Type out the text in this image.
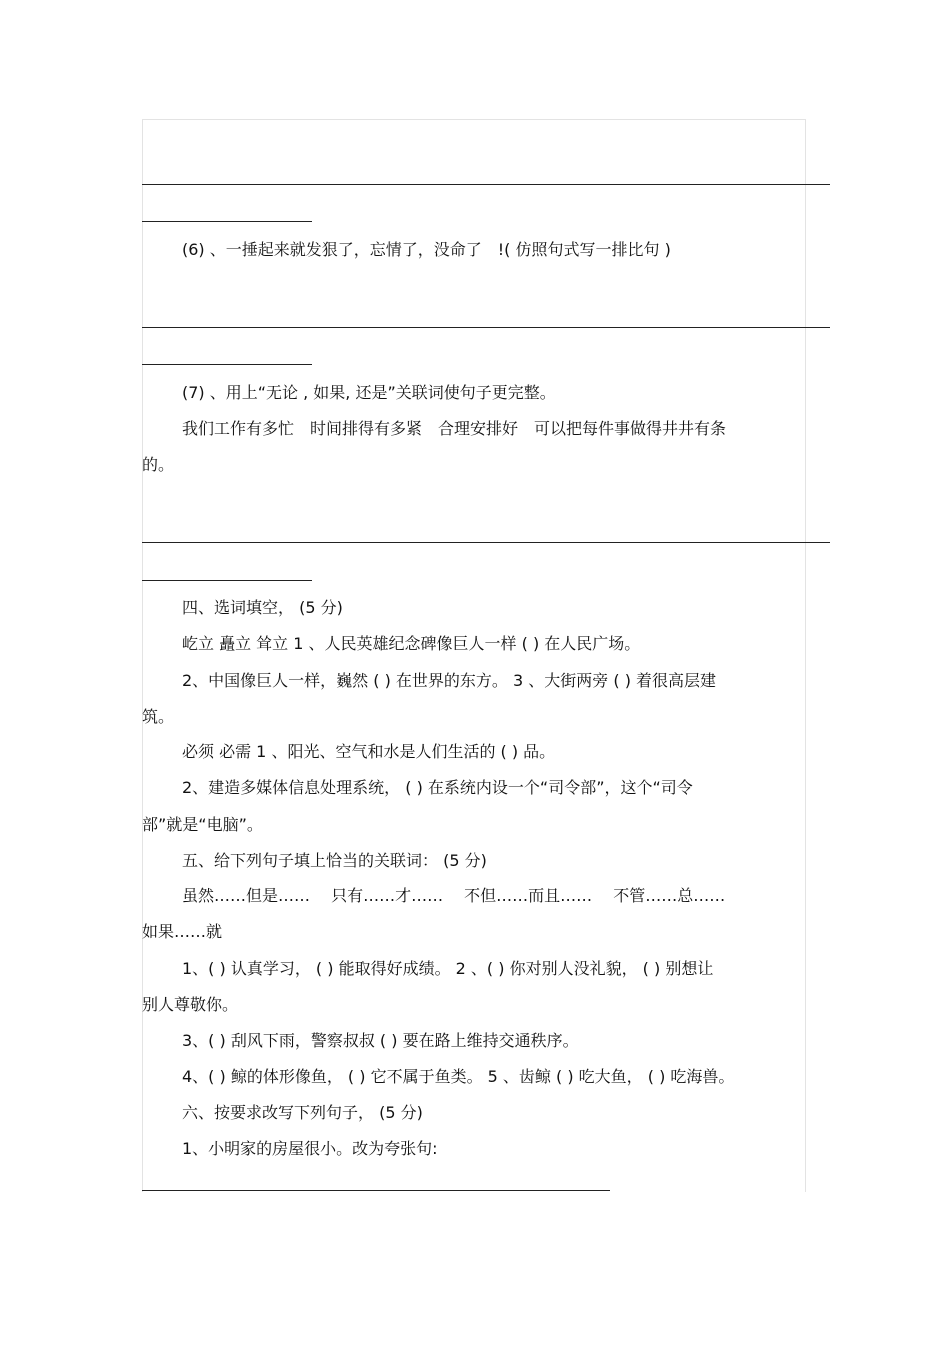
(6) 、一捶起来就发狠了，忘情了，没命了　!( 仿照句式写一排比句 )
(7) 、用上“无论 , 如果, 还是”关联词使句子更完整。
我们工作有多忙　时间排得有多紧　合理安排好　可以把每件事做得井井有条
的。
四、选词填空， (5 分)
屹立 矗立 耸立 1 、人民英雄纪念碑像巨人一样 ( ) 在人民广场。
2、中国像巨人一样，巍然 ( ) 在世界的东方。 3 、大街两旁 ( ) 着很高层建
筑。
必须 必需 1 、阳光、空气和水是人们生活的 ( ) 品。
2、建造多媒体信息处理系统， ( ) 在系统内设一个“司令部”，这个“司令
部”就是“电脑”。
五、给下列句子填上恰当的关联词： (5 分)
虽然……但是……　 只有……才……　 不但……而且……　 不管……总……
如果……就
1、( ) 认真学习， ( ) 能取得好成绩。 2 、( ) 你对别人没礼貌， ( ) 别想让
别人尊敬你。
3、( ) 刮风下雨，警察叔叔 ( ) 要在路上维持交通秩序。
4、( ) 鲸的体形像鱼， ( ) 它不属于鱼类。 5 、齿鲸 ( ) 吃大鱼， ( ) 吃海兽。
六、按要求改写下列句子， (5 分)
1、小明家的房屋很小。改为夸张句:
